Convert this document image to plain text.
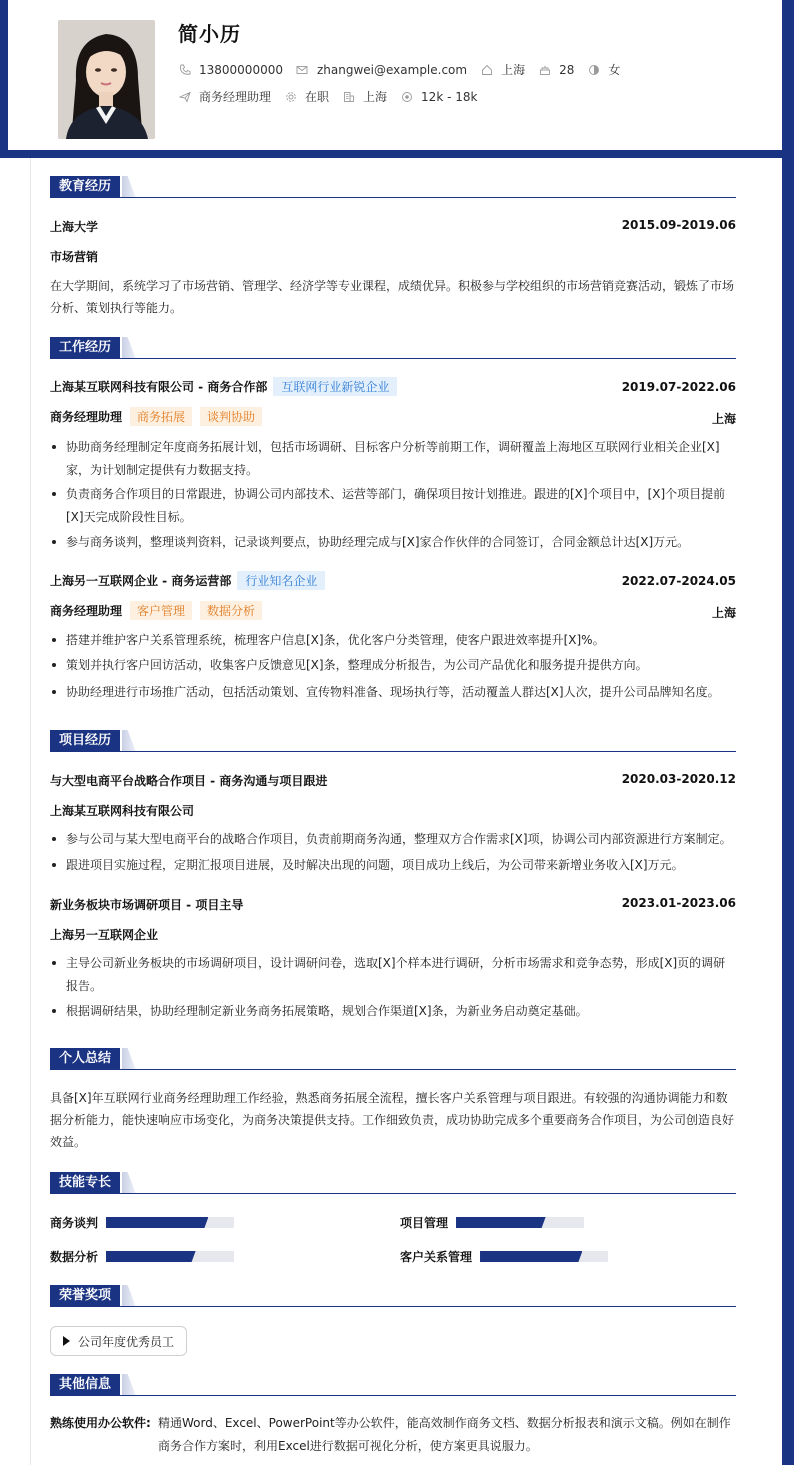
简小历
13800000000	zhangwei@example.com	上海	28	女
商务经理助理	在职	上海	12k - 18k
教育经历
上海大学	2015.09-2019.06
市场营销
在大学期间，系统学习了市场营销、管理学、经济学等专业课程，成绩优异。积极参与学校组织的市场营销竞赛活动，锻炼了市场分析、策划执行等能力。
工作经历
上海某互联网科技有限公司 - 商务合作部 互联网行业新锐企业	2019.07-2022.06
商务经理助理 商务拓展 谈判协助	上海
协助商务经理制定年度商务拓展计划，包括市场调研、目标客户分析等前期工作，调研覆盖上海地区互联网行业相关企业[X]家，为计划制定提供有力数据支持。
负责商务合作项目的日常跟进，协调公司内部技术、运营等部门，确保项目按计划推进。跟进的[X]个项目中，[X]个项目提前[X]天完成阶段性目标。
参与商务谈判，整理谈判资料，记录谈判要点，协助经理完成与[X]家合作伙伴的合同签订，合同金额总计达[X]万元。
上海另一互联网企业 - 商务运营部 行业知名企业	2022.07-2024.05
商务经理助理 客户管理 数据分析	上海
搭建并维护客户关系管理系统，梳理客户信息[X]条，优化客户分类管理，使客户跟进效率提升[X]%。
策划并执行客户回访活动，收集客户反馈意见[X]条，整理成分析报告，为公司产品优化和服务提升提供方向。
协助经理进行市场推广活动，包括活动策划、宣传物料准备、现场执行等，活动覆盖人群达[X]人次，提升公司品牌知名度。
项目经历
与大型电商平台战略合作项目 - 商务沟通与项目跟进	2020.03-2020.12
上海某互联网科技有限公司
参与公司与某大型电商平台的战略合作项目，负责前期商务沟通，整理双方合作需求[X]项，协调公司内部资源进行方案制定。
跟进项目实施过程，定期汇报项目进展，及时解决出现的问题，项目成功上线后，为公司带来新增业务收入[X]万元。
新业务板块市场调研项目 - 项目主导	2023.01-2023.06
上海另一互联网企业
主导公司新业务板块的市场调研项目，设计调研问卷，选取[X]个样本进行调研，分析市场需求和竞争态势，形成[X]页的调研报告。
根据调研结果，协助经理制定新业务商务拓展策略，规划合作渠道[X]条，为新业务启动奠定基础。
个人总结
具备[X]年互联网行业商务经理助理工作经验，熟悉商务拓展全流程，擅长客户关系管理与项目跟进。有较强的沟通协调能力和数据分析能力，能快速响应市场变化，为商务决策提供支持。工作细致负责，成功协助完成多个重要商务合作项目，为公司创造良好效益。
技能专长
商务谈判	项目管理
数据分析	客户关系管理
荣誉奖项
公司年度优秀员工
其他信息
熟练使用办公软件: 精通Word、Excel、PowerPoint等办公软件，能高效制作商务文档、数据分析报表和演示文稿。例如在制作商务合作方案时，利用Excel进行数据可视化分析，使方案更具说服力。
